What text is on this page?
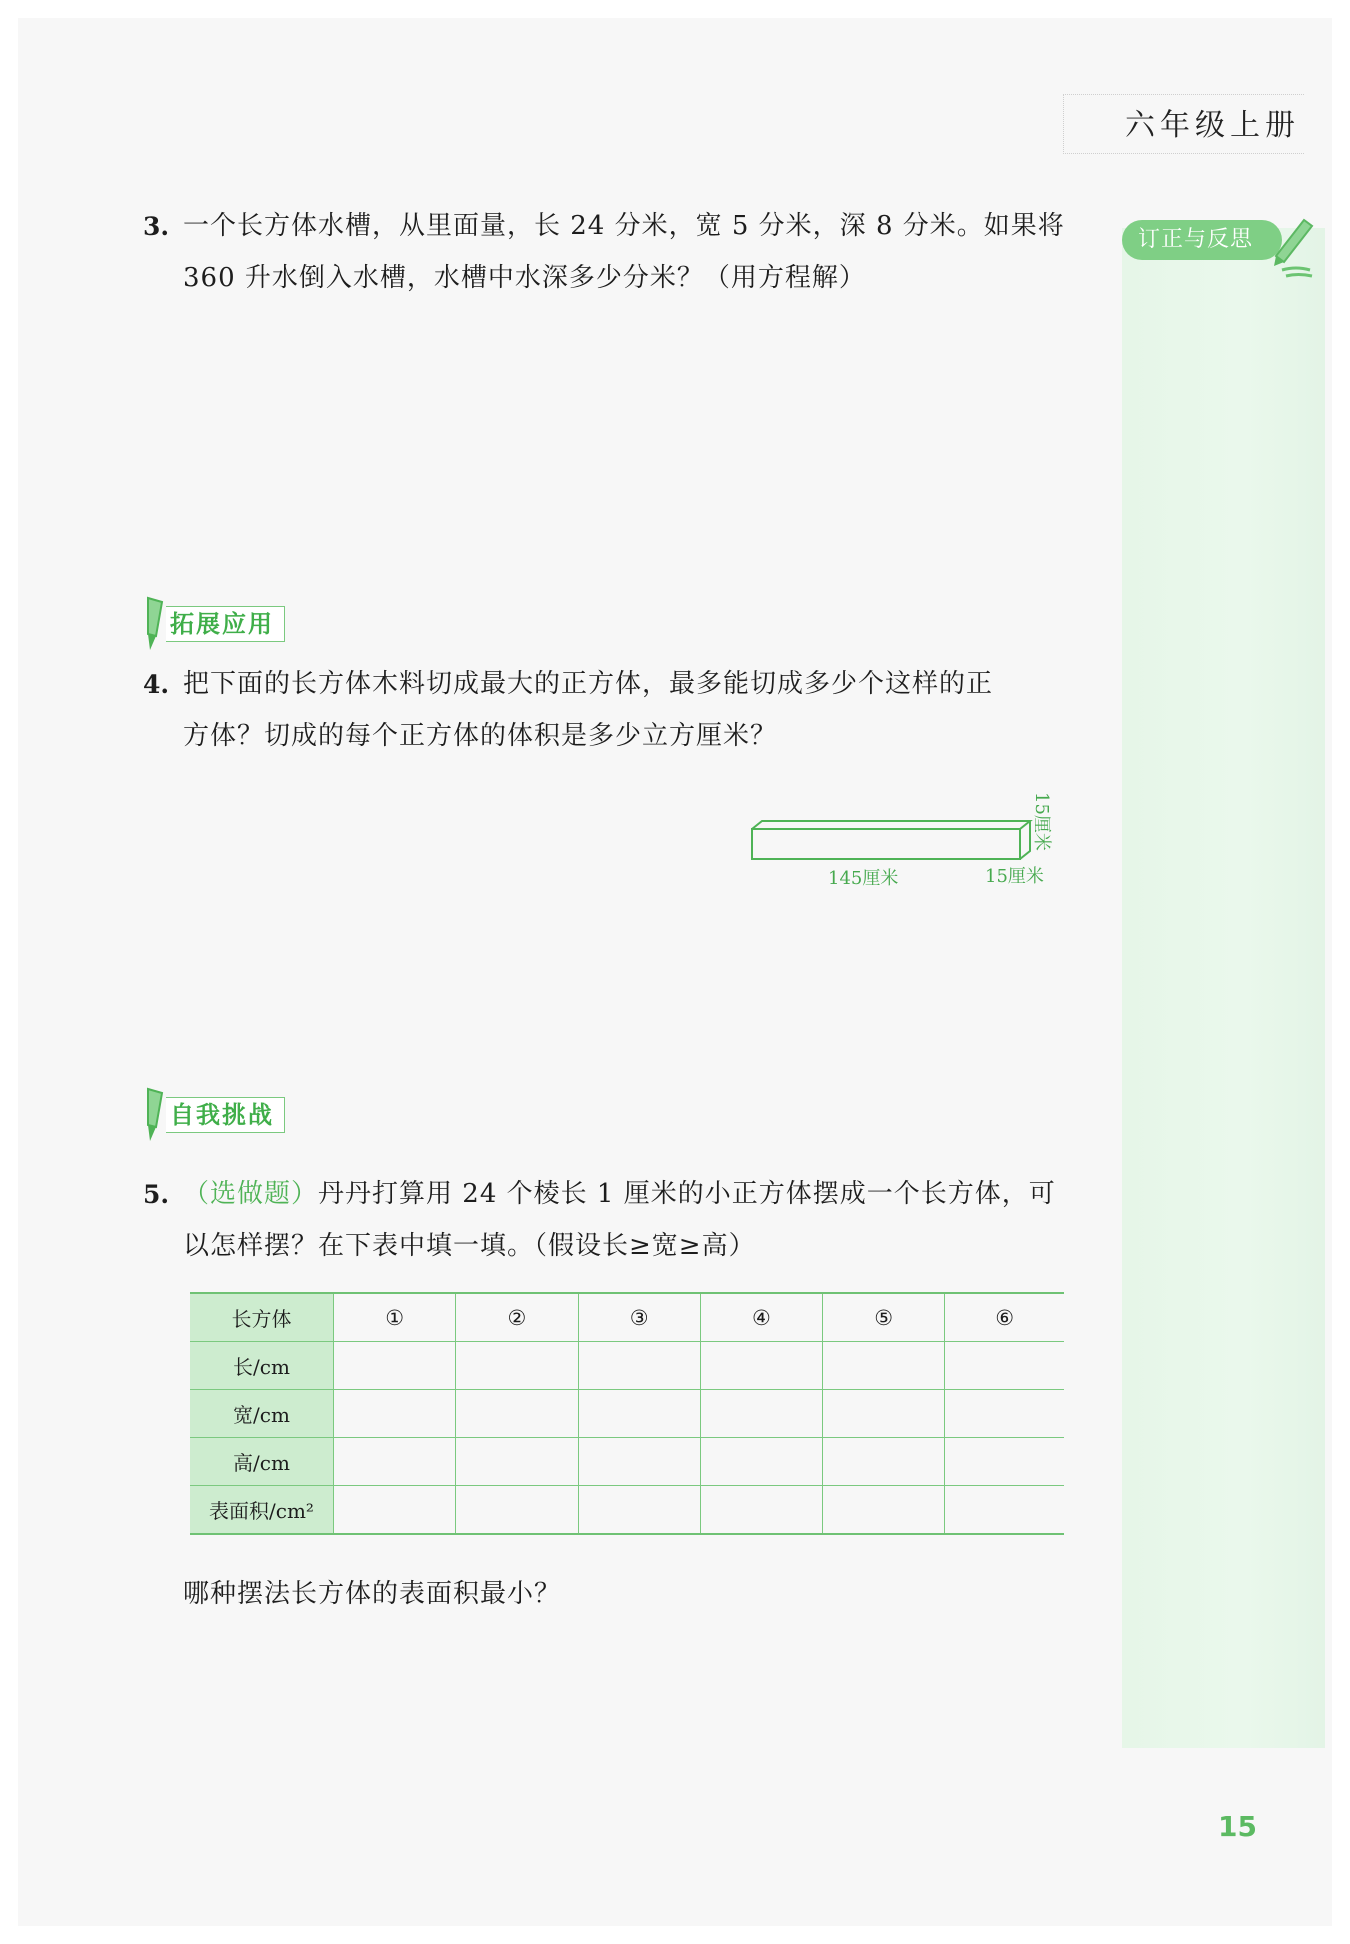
六年级上册
订正与反思
3. 一个长方体水槽，从里面量，长 24 分米，宽 5 分米，深 8 分米。如果将
360 升水倒入水槽，水槽中水深多少分米？（用方程解）
拓展应用
4. 把下面的长方体木料切成最大的正方体，最多能切成多少个这样的正
方体？切成的每个正方体的体积是多少立方厘米？
145厘米	15厘米
15厘米
自我挑战
5. （选做题）丹丹打算用 24 个棱长 1 厘米的小正方体摆成一个长方体，可
以怎样摆？在下表中填一填。（假设长≥宽≥高）
长方体	①	②	③	④	⑤	⑥
长/cm						
宽/cm						
高/cm						
表面积/cm²						
哪种摆法长方体的表面积最小？
15
